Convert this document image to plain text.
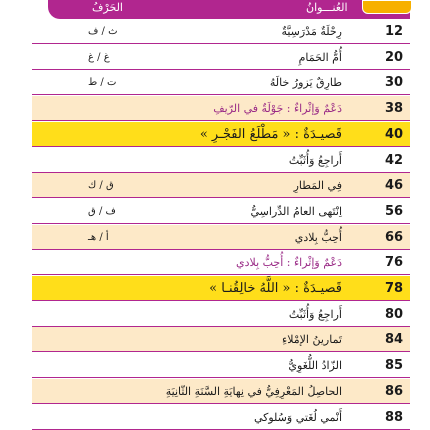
الحَرْفُ	العُنـــوانُ
12
رِحْلَةٌ مَدْرَسِيَّةٌ
ث / ف
20
أُمُّ الحَمَامِ
غ / غ
30
طارِقٌ يَزورُ خالَهُ
ت / ط
38
دَعْمٌ وَإثْراءٌ : جَوْلَةٌ في الرّيفِ
40
قَصيـدَةٌ : « مَطْلَعُ الفَجْـرِ »
42
أَراجِعُ وَأُثَبِّتُ
46
فِي المَطارِ
ق / ك
56
اِنْتَهى العامُ الدِّراسِيُّ
ف / ق
66
أُحِبُّ بِلادي
أ / هـ
76
دَعْمٌ وَإثْراءٌ : أُحِبُّ بِلادي
78
قَصيـدَةٌ : « اللَّهُ خالِقُنـا »
80
أَراجِعُ وَأُثَبِّتُ
84
تَمارينُ الإمْلاءِ
85
الزّادُ اللُّغَوِيُّ
86
الحاصِلُ المَعْرِفِيُّ في نِهايَةِ السَّنَةِ الثّانِيَةِ
88
أَنْمي لُغَتي وَسُلوكي
